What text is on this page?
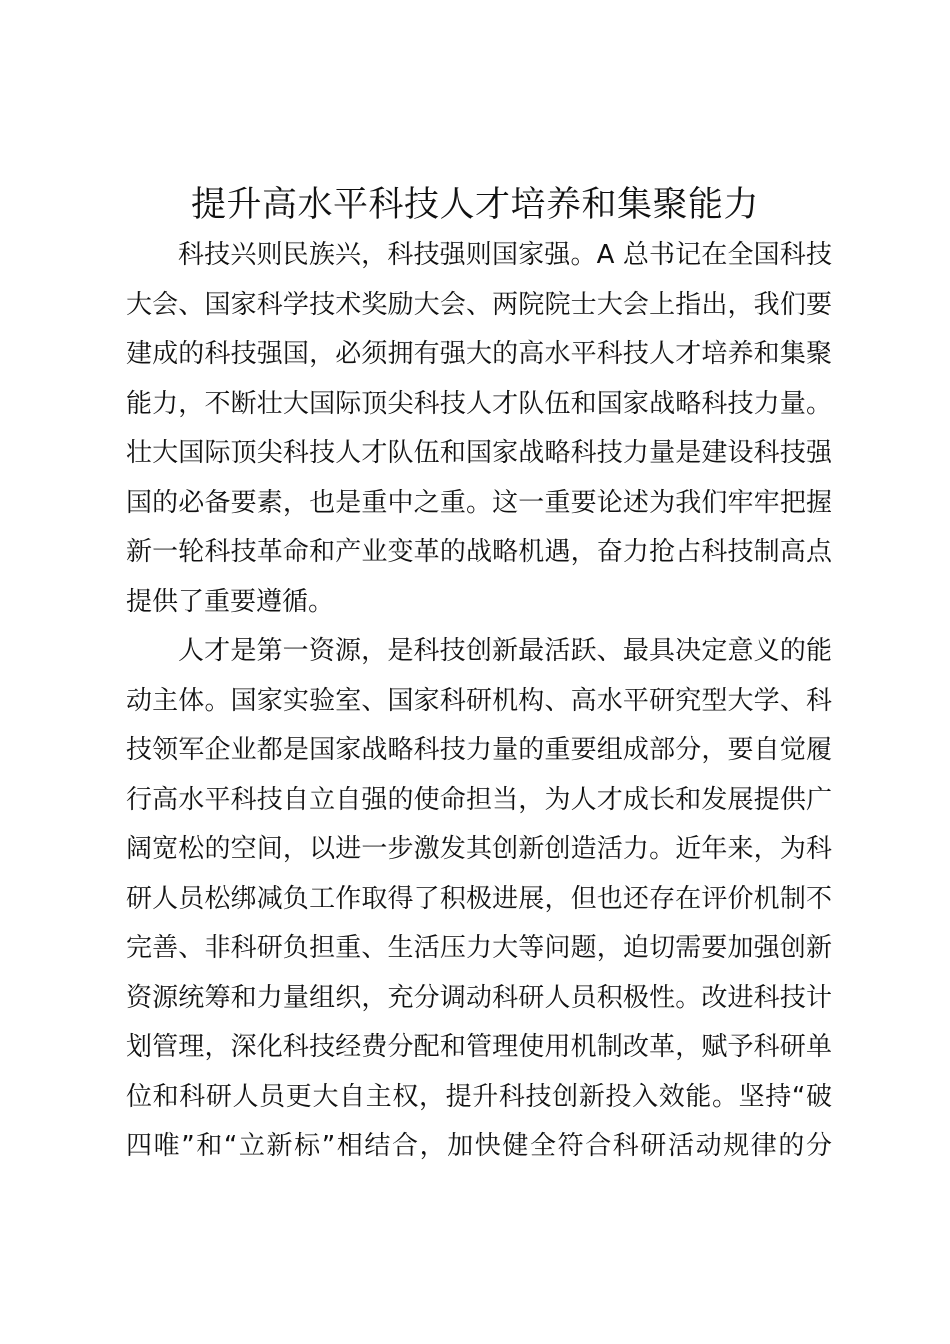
提升高水平科技人才培养和集聚能力
科技兴则民族兴，科技强则国家强。A 总书记在全国科技
大会、国家科学技术奖励大会、两院院士大会上指出，我们要
建成的科技强国，必须拥有强大的高水平科技人才培养和集聚
能力，不断壮大国际顶尖科技人才队伍和国家战略科技力量。
壮大国际顶尖科技人才队伍和国家战略科技力量是建设科技强
国的必备要素，也是重中之重。这一重要论述为我们牢牢把握
新一轮科技革命和产业变革的战略机遇，奋力抢占科技制高点
提供了重要遵循。
人才是第一资源，是科技创新最活跃、最具决定意义的能
动主体。国家实验室、国家科研机构、高水平研究型大学、科
技领军企业都是国家战略科技力量的重要组成部分，要自觉履
行高水平科技自立自强的使命担当，为人才成长和发展提供广
阔宽松的空间，以进一步激发其创新创造活力。近年来，为科
研人员松绑减负工作取得了积极进展，但也还存在评价机制不
完善、非科研负担重、生活压力大等问题，迫切需要加强创新
资源统筹和力量组织，充分调动科研人员积极性。改进科技计
划管理，深化科技经费分配和管理使用机制改革，赋予科研单
位和科研人员更大自主权，提升科技创新投入效能。坚持“破
四唯”和“立新标”相结合，加快健全符合科研活动规律的分
